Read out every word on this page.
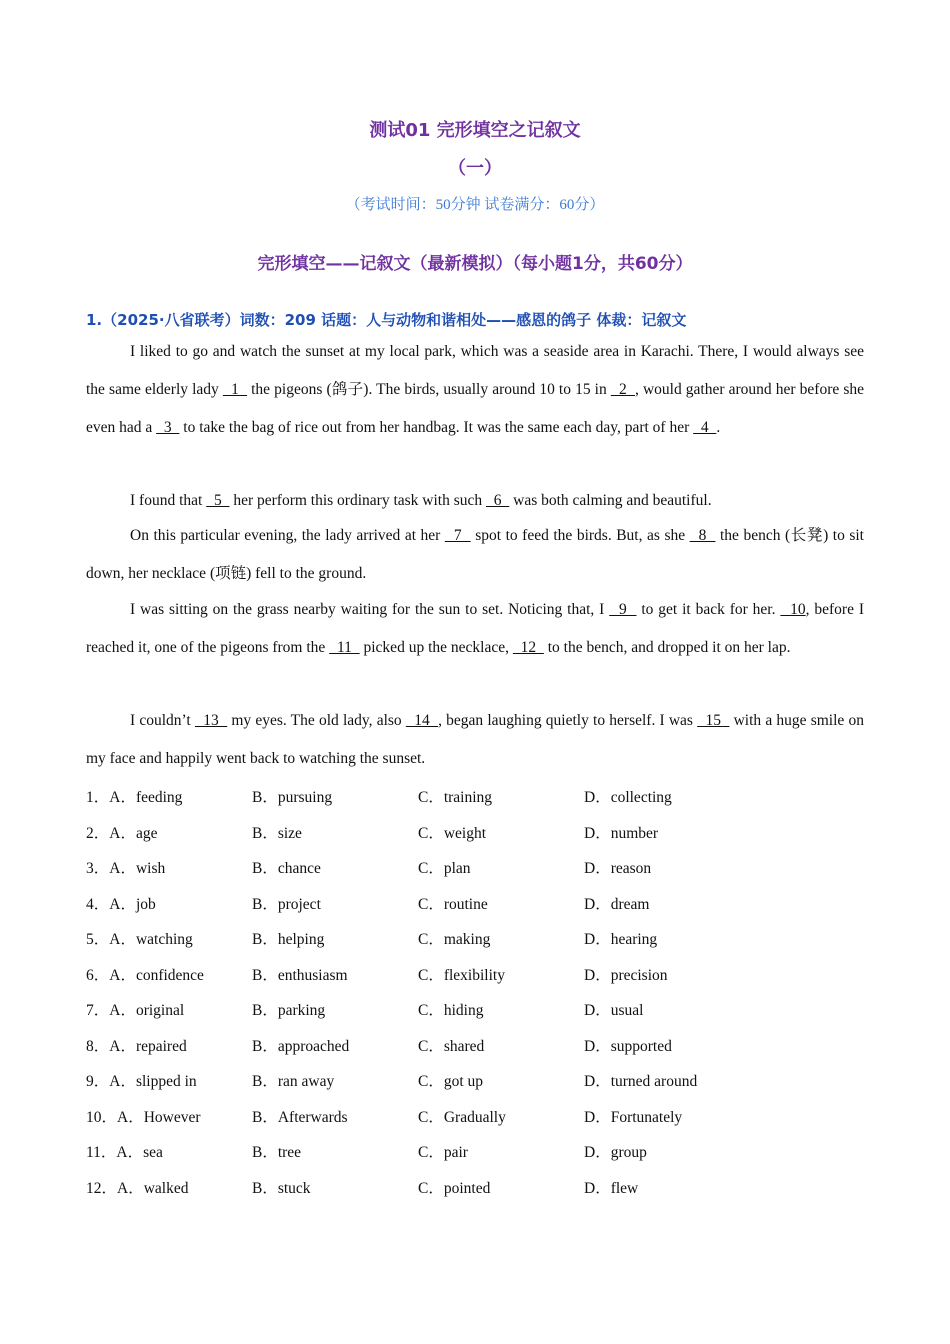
测试01 完形填空之记叙文
（一）
（考试时间：50分钟 试卷满分：60分）
完形填空——记叙文（最新模拟）（每小题1分，共60分）
1.（2025·八省联考）词数：209 话题：人与动物和谐相处——感恩的鸽子 体裁：记叙文

I liked to go and watch the sunset at my local park, which was a seaside area in Karachi. There, I would always see the same elderly lady   1   the pigeons (鸽子). The birds, usually around 10 to 15 in   2  , would gather around her before she even had a   3   to take the bag of rice out from her handbag. It was the same each day, part of her   4  .

I found that   5   her perform this ordinary task with such   6   was both calming and beautiful.

On this particular evening, the lady arrived at her   7   spot to feed the birds. But, as she   8   the bench (长凳) to sit down, her necklace (项链) fell to the ground.

I was sitting on the grass nearby waiting for the sun to set. Noticing that, I   9   to get it back for her.   10, before I reached it, one of the pigeons from the   11   picked up the necklace,   12   to the bench, and dropped it on her lap.

I couldn’t   13   my eyes. The old lady, also   14  , began laughing quietly to herself. I was   15   with a huge smile on my face and happily went back to watching the sunset.

1．A．feeding	B．pursuing	C．training	D．collecting
2．A．age	B．size	C．weight	D．number
3．A．wish	B．chance	C．plan	D．reason
4．A．job	B．project	C．routine	D．dream
5．A．watching	B．helping	C．making	D．hearing
6．A．confidence	B．enthusiasm	C．flexibility	D．precision
7．A．original	B．parking	C．hiding	D．usual
8．A．repaired	B．approached	C．shared	D．supported
9．A．slipped in	B．ran away	C．got up	D．turned around
10．A．However	B．Afterwards	C．Gradually	D．Fortunately
11．A．sea	B．tree	C．pair	D．group
12．A．walked	B．stuck	C．pointed	D．flew
